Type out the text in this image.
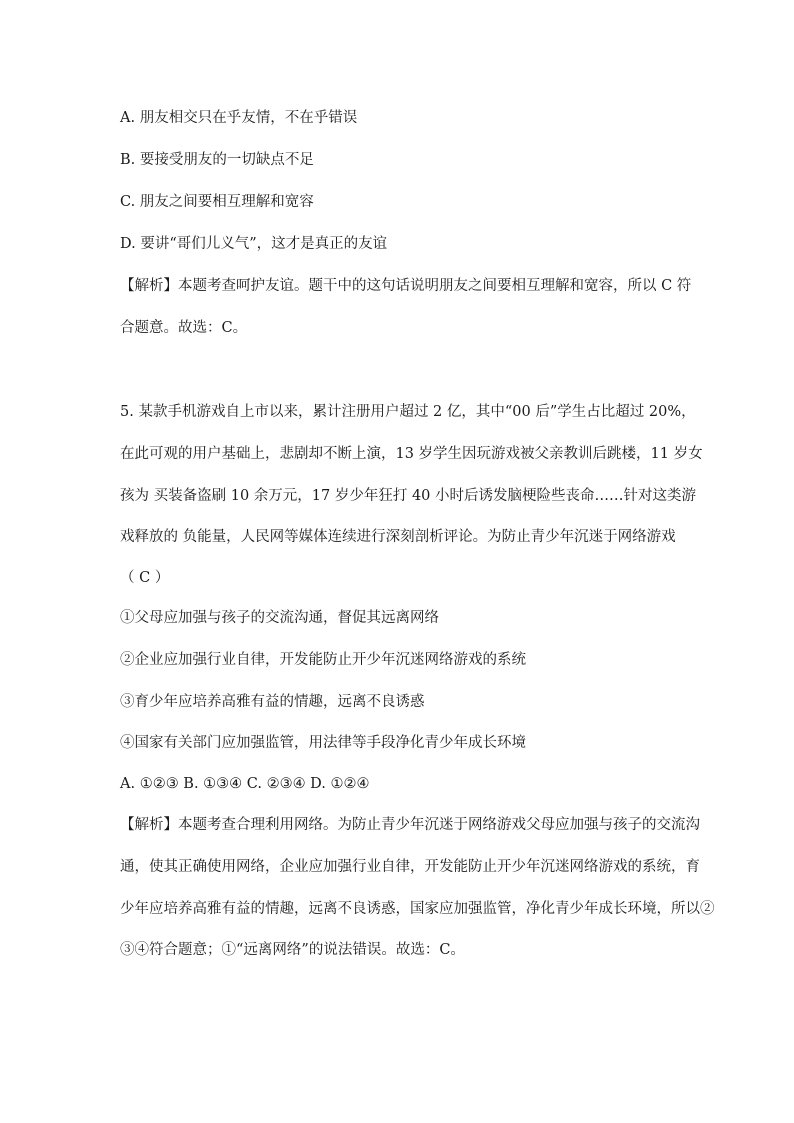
A. 朋友相交只在乎友情，不在乎错误
B. 要接受朋友的一切缺点不足
C. 朋友之间要相互理解和宽容
D. 要讲“哥们儿义气”，这才是真正的友谊
【解析】本题考查呵护友谊。题干中的这句话说明朋友之间要相互理解和宽容，所以 C 符
合题意。故选：C。
5. 某款手机游戏自上市以来，累计注册用户超过 2 亿，其中“00 后”学生占比超过 20%，
在此可观的用户基础上，悲剧却不断上演，13 岁学生因玩游戏被父亲教训后跳楼，11 岁女
孩为 买装备盗刷 10 余万元，17 岁少年狂打 40 小时后诱发脑梗险些丧命……针对这类游
戏释放的 负能量，人民网等媒体连续进行深刻剖析评论。为防止青少年沉迷于网络游戏
（ C ）
①父母应加强与孩子的交流沟通，督促其远离网络
②企业应加强行业自律，开发能防止开少年沉迷网络游戏的系统
③育少年应培养高雅有益的情趣，远离不良诱惑
④国家有关部门应加强监管，用法律等手段净化青少年成长环境
A. ①②③ B. ①③④ C. ②③④ D. ①②④
【解析】本题考查合理利用网络。为防止青少年沉迷于网络游戏父母应加强与孩子的交流沟
通，使其正确使用网络，企业应加强行业自律，开发能防止开少年沉迷网络游戏的系统，育
少年应培养高雅有益的情趣，远离不良诱惑，国家应加强监管，净化青少年成长环境，所以②
③④符合题意；①“远离网络”的说法错误。故选：C。
